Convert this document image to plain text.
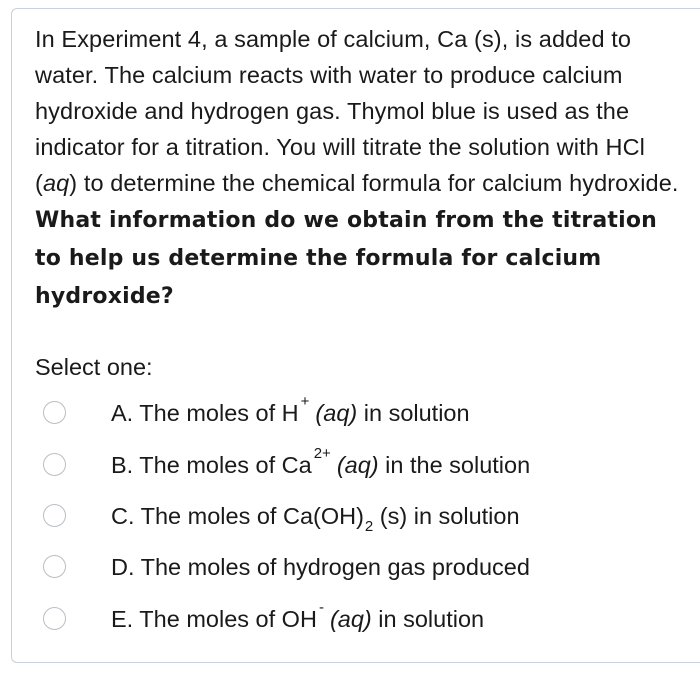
In Experiment 4, a sample of calcium, Ca (s), is added to water. The calcium reacts with water to produce calcium hydroxide and hydrogen gas. Thymol blue is used as the indicator for a titration. You will titrate the solution with HCl (aq) to determine the chemical formula for calcium hydroxide. What information do we obtain from the titration to help us determine the formula for calcium hydroxide?
Select one:
A. The moles of H + (aq) in solution
B. The moles of Ca $^{2+}$ (aq) in the solution
C. The moles of $Ca(OH)_2$ (s) in solution
D. The moles of hydrogen gas produced
E. The moles of OH - (aq) in solution
